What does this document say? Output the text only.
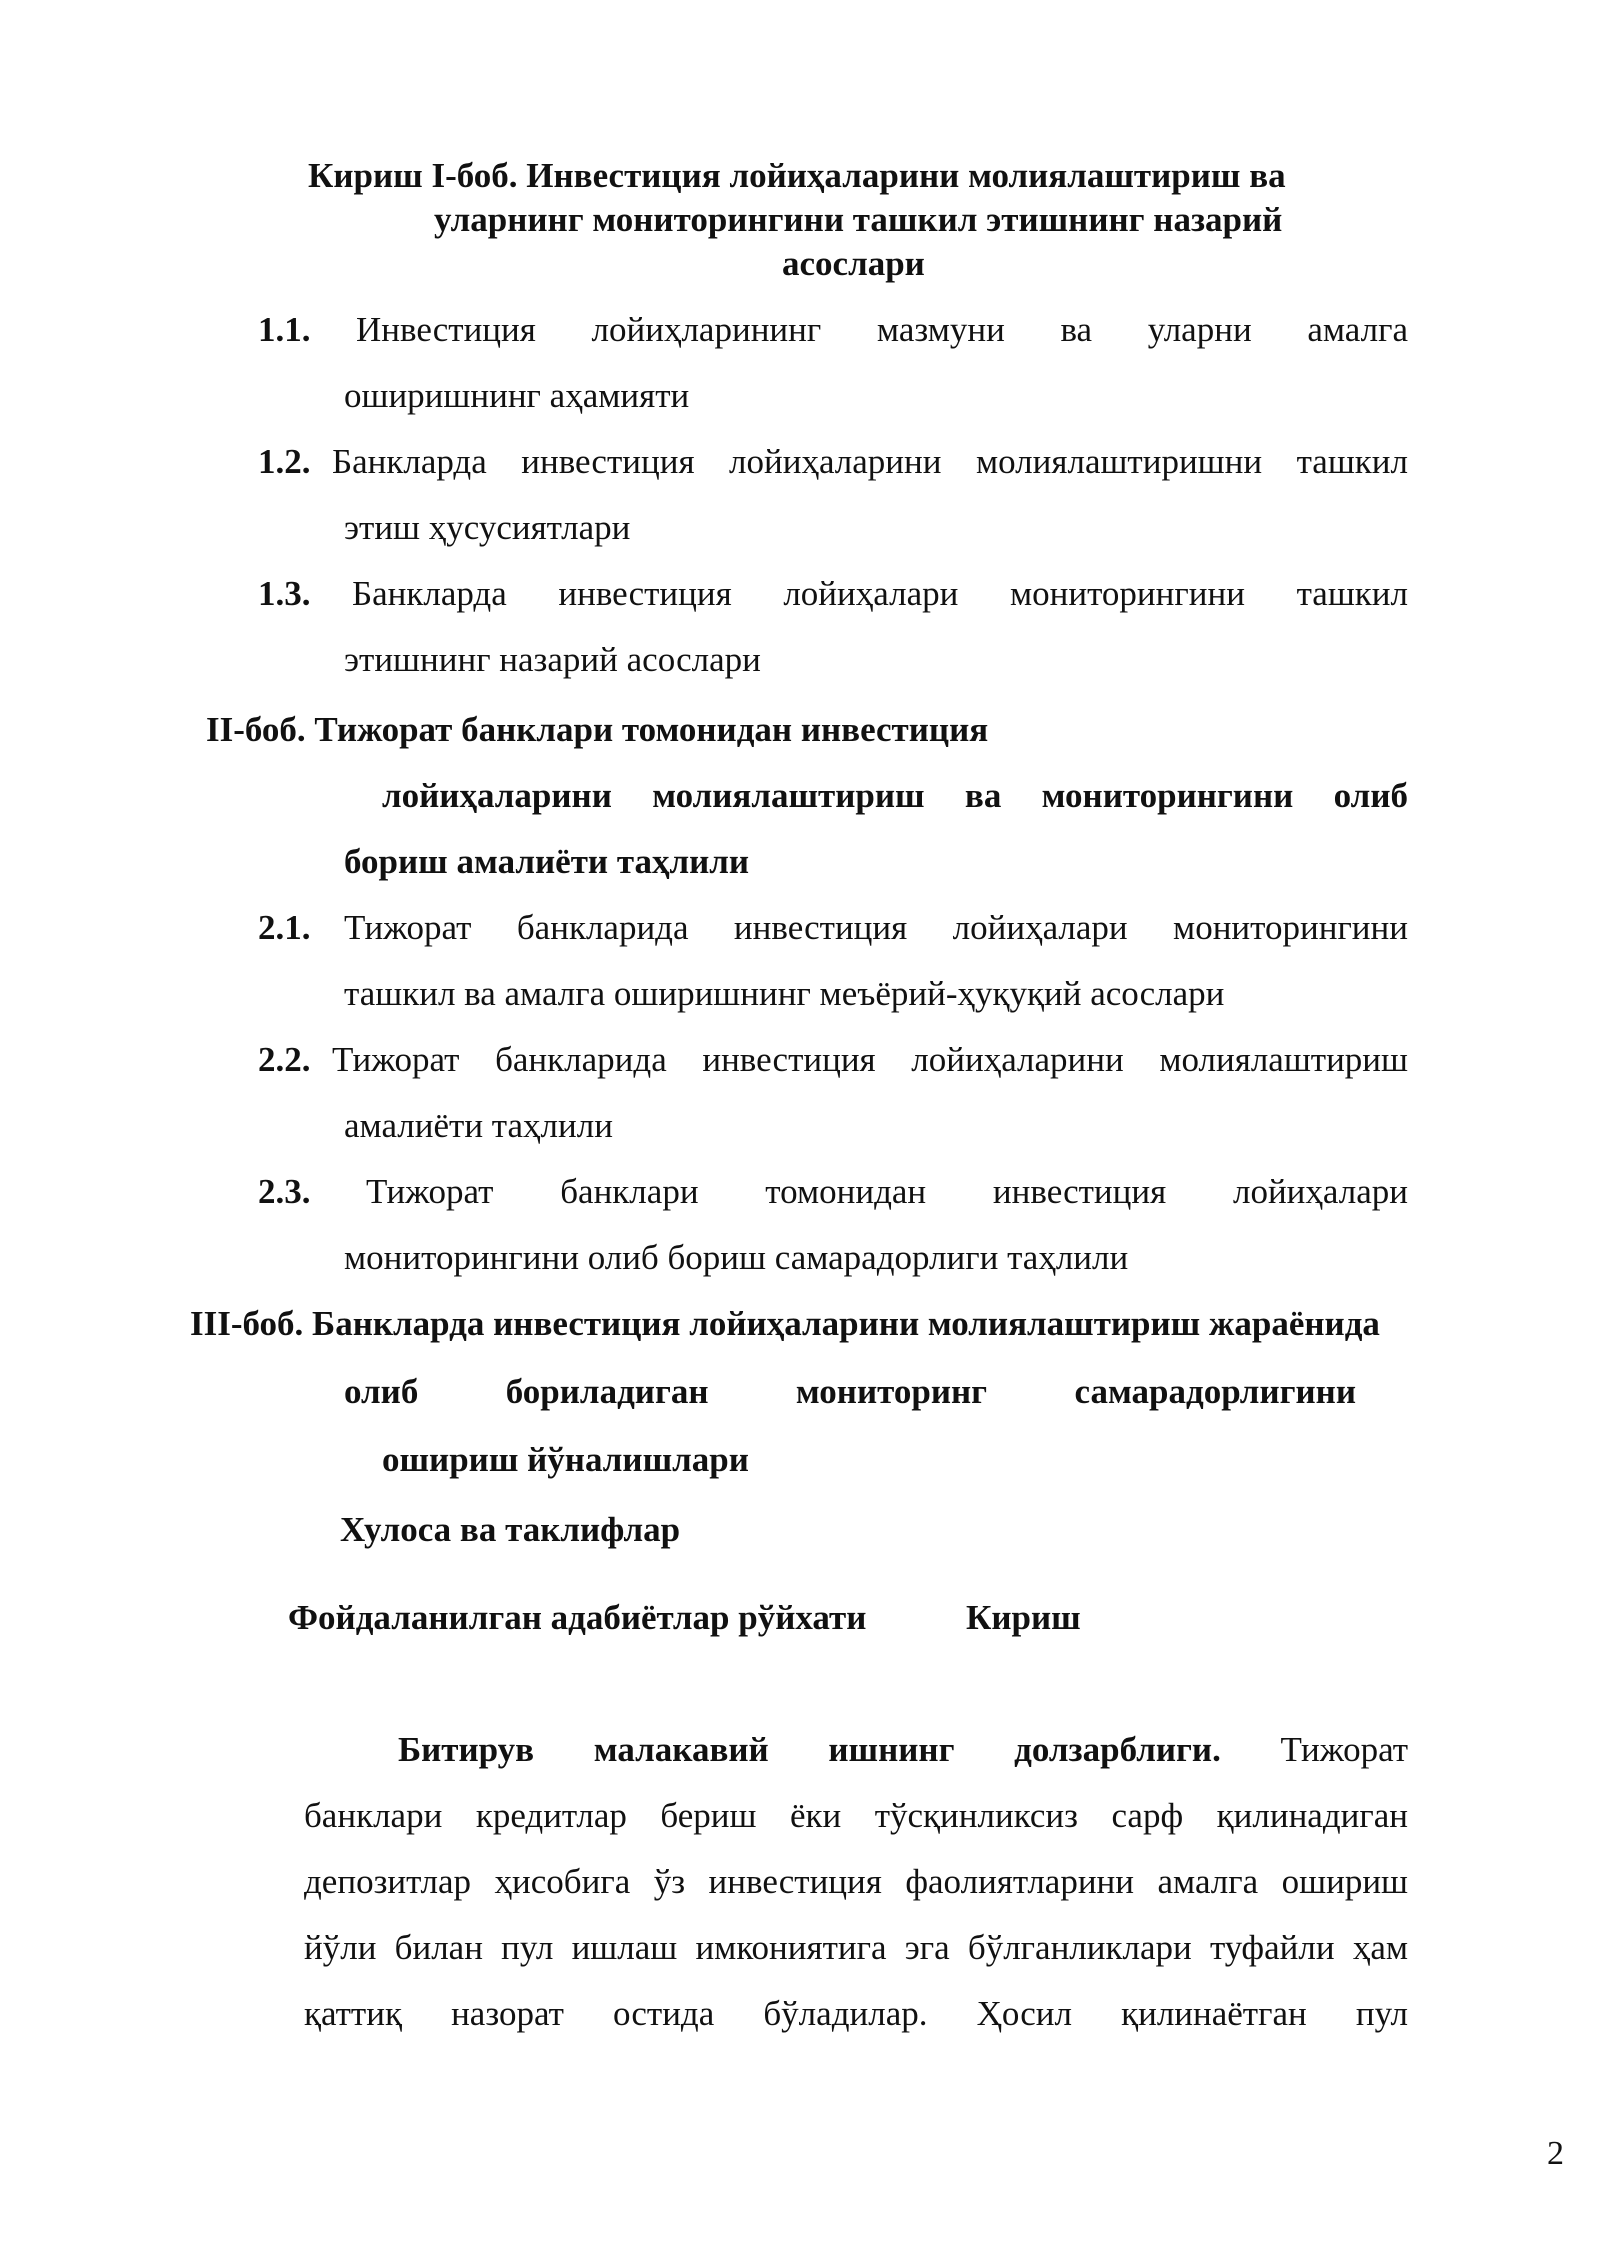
Кириш І-боб. Инвестиция лойиҳаларини молиялаштириш ва
уларнинг мониторингини ташкил этишнинг назарий
асослари
1.1. Инвестиция лойиҳларининг мазмуни ва уларни амалга
оширишнинг аҳамияти
1.2. Банкларда инвестиция лойиҳаларини молиялаштиришни ташкил
этиш ҳусусиятлари
1.3. Банкларда инвестиция лойиҳалари мониторингини ташкил
этишнинг назарий асослари
ІІ-боб. Тижорат банклари томонидан инвестиция
лойиҳаларини молиялаштириш ва мониторингини олиб
бориш амалиёти таҳлили
2.1. Тижорат банкларида инвестиция лойиҳалари мониторингини
ташкил ва амалга оширишнинг меъёрий-ҳуқуқий асослари
2.2. Тижорат банкларида инвестиция лойиҳаларини молиялаштириш
амалиёти таҳлили
2.3. Тижорат банклари томонидан инвестиция лойиҳалари
мониторингини олиб бориш самарадорлиги таҳлили
ІІІ-боб. Банкларда инвестиция лойиҳаларини молиялаштириш жараёнида
олиб бориладиган мониторинг самарадорлигини
ошириш йўналишлари
Хулоса ва таклифлар
Фойдаланилган адабиётлар рўйхати	Кириш
Битирув малакавий ишнинг долзарблиги. Тижорат
банклари кредитлар бериш ёки тўсқинликсиз сарф қилинадиган
депозитлар ҳисобига ўз инвестиция фаолиятларини амалга ошириш
йўли билан пул ишлаш имкониятига эга бўлганликлари туфайли ҳам
қаттиқ назорат остида бўладилар. Ҳосил қилинаётган пул
2
